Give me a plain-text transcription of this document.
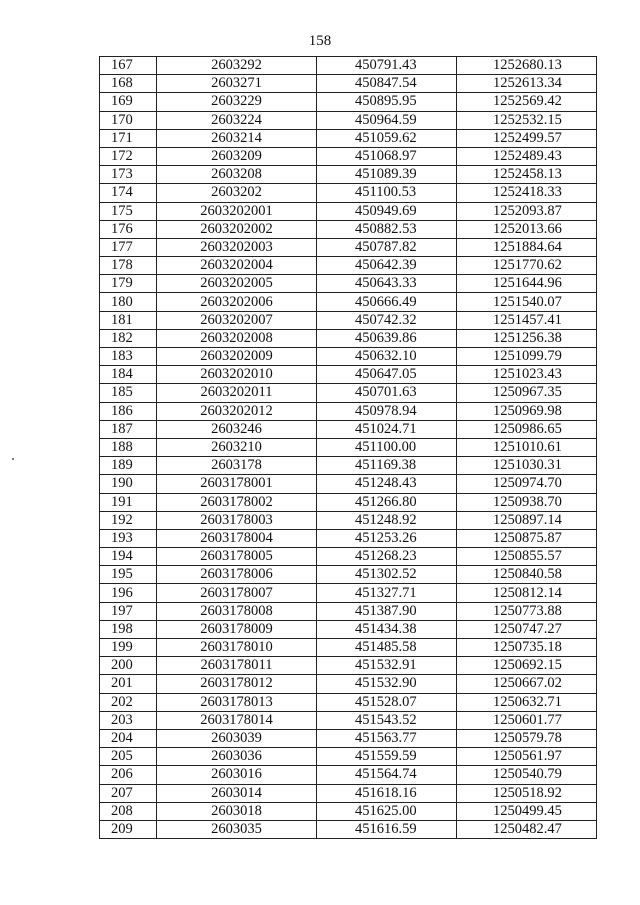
158
167	2603292	450791.43	1252680.13
168	2603271	450847.54	1252613.34
169	2603229	450895.95	1252569.42
170	2603224	450964.59	1252532.15
171	2603214	451059.62	1252499.57
172	2603209	451068.97	1252489.43
173	2603208	451089.39	1252458.13
174	2603202	451100.53	1252418.33
175	2603202001	450949.69	1252093.87
176	2603202002	450882.53	1252013.66
177	2603202003	450787.82	1251884.64
178	2603202004	450642.39	1251770.62
179	2603202005	450643.33	1251644.96
180	2603202006	450666.49	1251540.07
181	2603202007	450742.32	1251457.41
182	2603202008	450639.86	1251256.38
183	2603202009	450632.10	1251099.79
184	2603202010	450647.05	1251023.43
185	2603202011	450701.63	1250967.35
186	2603202012	450978.94	1250969.98
187	2603246	451024.71	1250986.65
188	2603210	451100.00	1251010.61
189	2603178	451169.38	1251030.31
190	2603178001	451248.43	1250974.70
191	2603178002	451266.80	1250938.70
192	2603178003	451248.92	1250897.14
193	2603178004	451253.26	1250875.87
194	2603178005	451268.23	1250855.57
195	2603178006	451302.52	1250840.58
196	2603178007	451327.71	1250812.14
197	2603178008	451387.90	1250773.88
198	2603178009	451434.38	1250747.27
199	2603178010	451485.58	1250735.18
200	2603178011	451532.91	1250692.15
201	2603178012	451532.90	1250667.02
202	2603178013	451528.07	1250632.71
203	2603178014	451543.52	1250601.77
204	2603039	451563.77	1250579.78
205	2603036	451559.59	1250561.97
206	2603016	451564.74	1250540.79
207	2603014	451618.16	1250518.92
208	2603018	451625.00	1250499.45
209	2603035	451616.59	1250482.47
